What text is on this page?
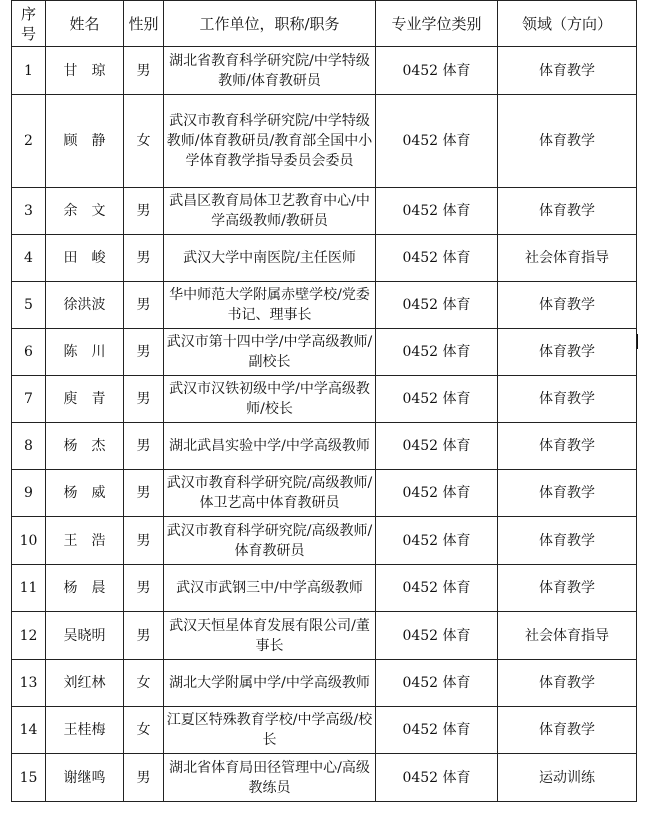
序号	姓名	性别	工作单位，职称/职务	专业学位类别	领域（方向）
1	甘　琼	男	湖北省教育科学研究院/中学特级教师/体育教研员	0452 体育	体育教学
2	顾　静	女	武汉市教育科学研究院/中学特级教师/体育教研员/教育部全国中小学体育教学指导委员会委员	0452 体育	体育教学
3	余　文	男	武昌区教育局体卫艺教育中心/中学高级教师/教研员	0452 体育	体育教学
4	田　峻	男	武汉大学中南医院/主任医师	0452 体育	社会体育指导
5	徐洪波	男	华中师范大学附属赤壁学校/党委书记、理事长	0452 体育	体育教学
6	陈　川	男	武汉市第十四中学/中学高级教师/副校长	0452 体育	体育教学
7	庾　青	男	武汉市汉铁初级中学/中学高级教师/校长	0452 体育	体育教学
8	杨　杰	男	湖北武昌实验中学/中学高级教师	0452 体育	体育教学
9	杨　威	男	武汉市教育科学研究院/高级教师/体卫艺高中体育教研员	0452 体育	体育教学
10	王　浩	男	武汉市教育科学研究院/高级教师/体育教研员	0452 体育	体育教学
11	杨　晨	男	武汉市武钢三中/中学高级教师	0452 体育	体育教学
12	吴晓明	男	武汉天恒星体育发展有限公司/董事长	0452 体育	社会体育指导
13	刘红林	女	湖北大学附属中学/中学高级教师	0452 体育	体育教学
14	王桂梅	女	江夏区特殊教育学校/中学高级/校长	0452 体育	体育教学
15	谢继鸣	男	湖北省体育局田径管理中心/高级教练员	0452 体育	运动训练
